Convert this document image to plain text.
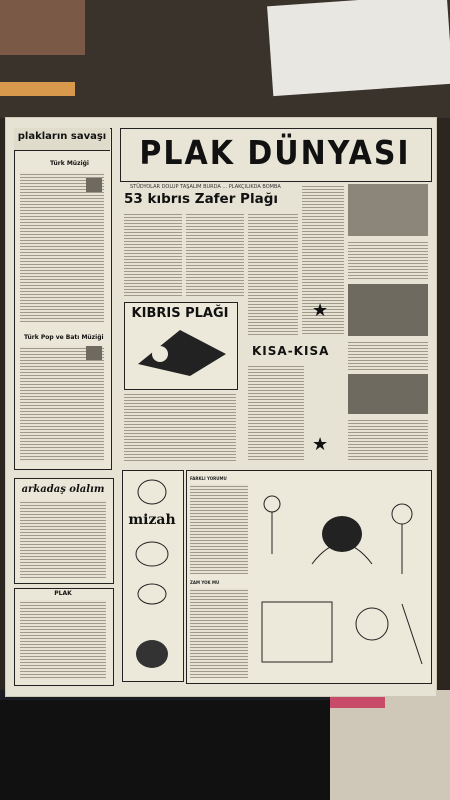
plakların savaşı
Türk Müziği
Türk Pop ve Batı Müziği
PLAK DÜNYASI
STÜDYOLAR DOLUP TAŞALIM BURDA ... PLAKÇILIKDA BOMBA
53 kıbrıs Zafer Plağı
KIBRIS PLAĞI
KISA-KISA
★
★
arkadaş olalım
PLAK
mizah
FARKLI YORUMU
ZAM YOK MU
